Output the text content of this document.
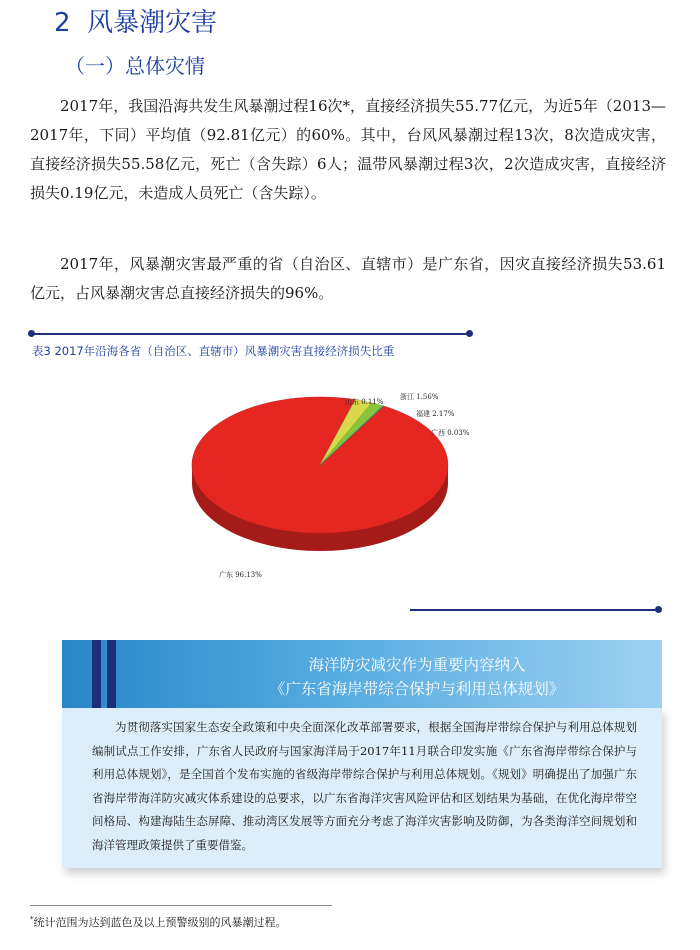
2 风暴潮灾害
（一）总体灾情

2017年，我国沿海共发生风暴潮过程16次*，直接经济损失55.77亿元，为近5年（2013—2017年，下同）平均值（92.81亿元）的60%。其中，台风风暴潮过程13次，8次造成灾害，直接经济损失55.58亿元，死亡（含失踪）6人；温带风暴潮过程3次，2次造成灾害，直接经济损失0.19亿元，未造成人员死亡（含失踪）。

2017年，风暴潮灾害最严重的省（自治区、直辖市）是广东省，因灾直接经济损失53.61亿元，占风暴潮灾害总直接经济损失的96%。

表3 2017年沿海各省（自治区、直辖市）风暴潮灾害直接经济损失比重
广东 96.13%
广西 0.03%
福建 2.17%
浙江 1.56%
山东 0.11%
海洋防灾减灾作为重要内容纳入
《广东省海岸带综合保护与利用总体规划》

为贯彻落实国家生态安全政策和中央全面深化改革部署要求，根据全国海岸带综合保护与利用总体规划编制试点工作安排，广东省人民政府与国家海洋局于2017年11月联合印发实施《广东省海岸带综合保护与利用总体规划》，是全国首个发布实施的省级海岸带综合保护与利用总体规划。《规划》明确提出了加强广东省海岸带海洋防灾减灾体系建设的总要求，以广东省海洋灾害风险评估和区划结果为基础，在优化海岸带空间格局、构建海陆生态屏障、推动湾区发展等方面充分考虑了海洋灾害影响及防御，为各类海洋空间规划和海洋管理政策提供了重要借鉴。

*统计范围为达到蓝色及以上预警级别的风暴潮过程。
